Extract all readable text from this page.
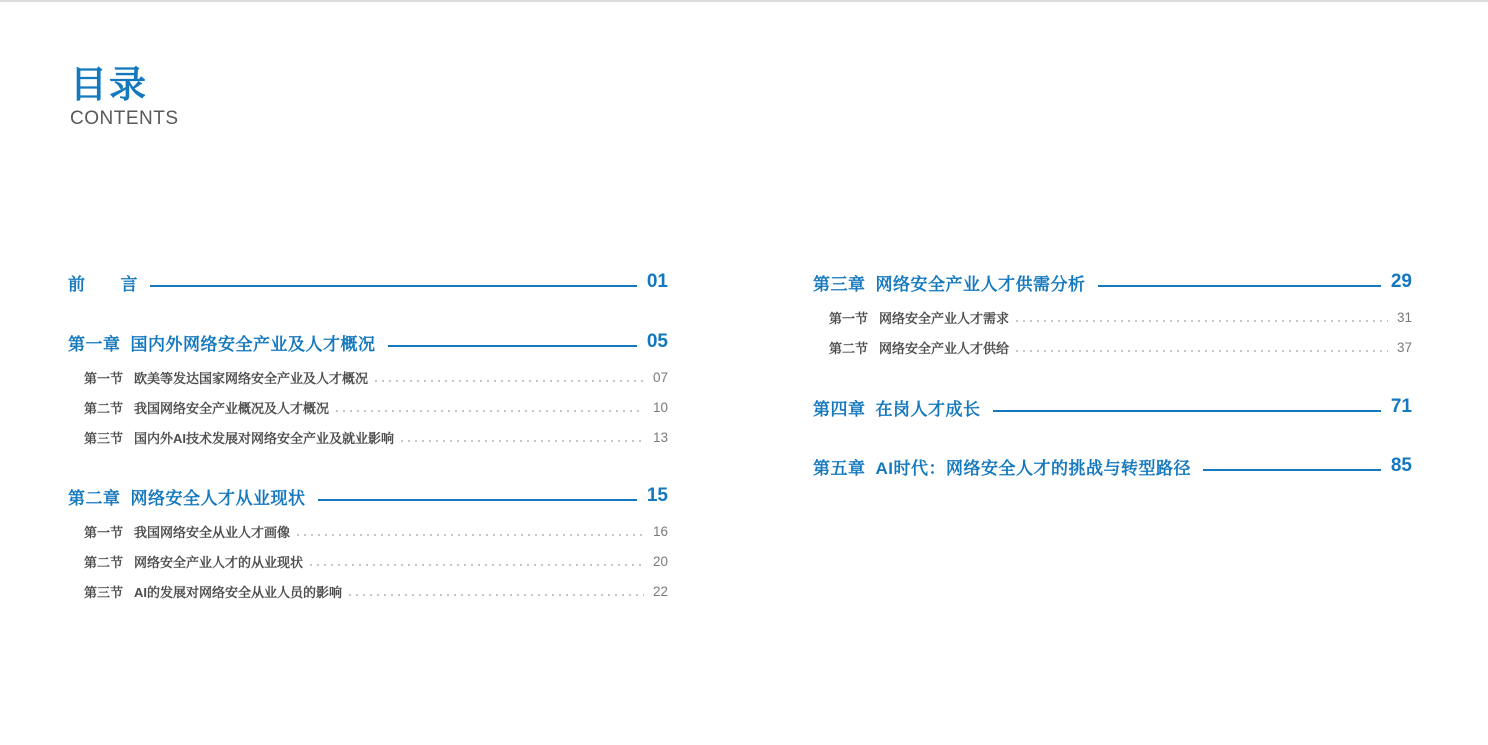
目录
CONTENTS
前　　言	01
第一章 国内外网络安全产业及人才概况	05
第一节 欧美等发达国家网络安全产业及人才概况	07
第二节 我国网络安全产业概况及人才概况	10
第三节 国内外AI技术发展对网络安全产业及就业影响	13
第二章 网络安全人才从业现状	15
第一节 我国网络安全从业人才画像	16
第二节 网络安全产业人才的从业现状	20
第三节 AI的发展对网络安全从业人员的影响	22
第三章 网络安全产业人才供需分析	29
第一节 网络安全产业人才需求	31
第二节 网络安全产业人才供给	37
第四章 在岗人才成长	71
第五章 AI时代：网络安全人才的挑战与转型路径	85
